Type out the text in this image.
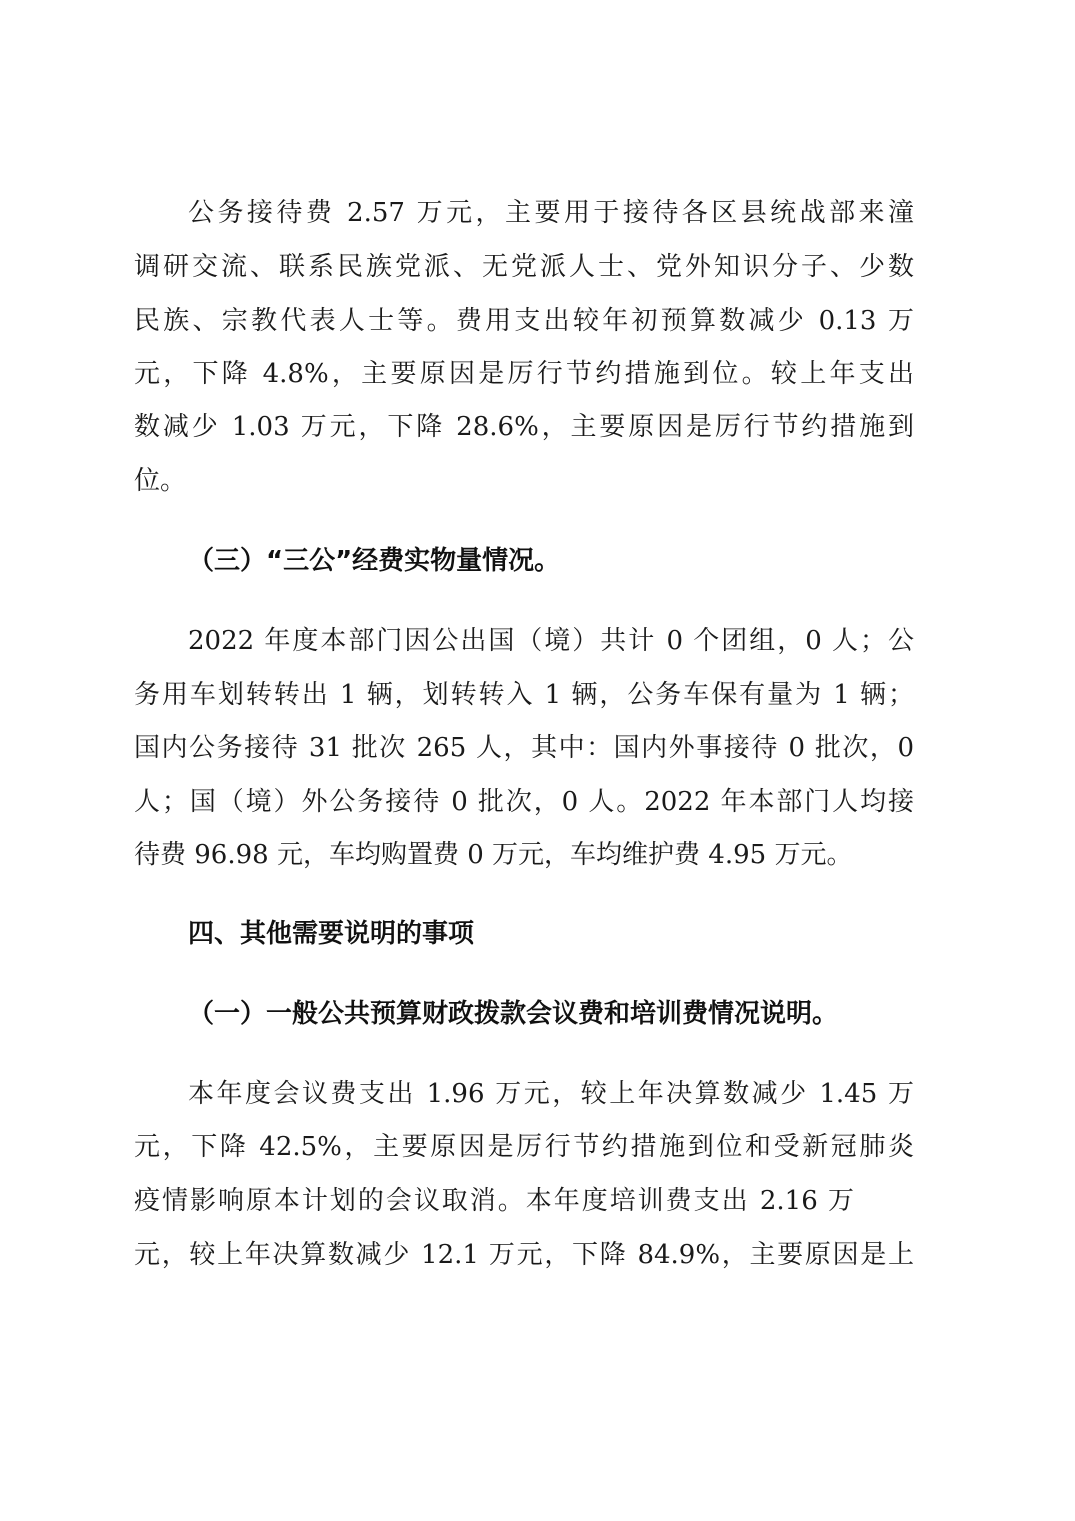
公务接待费 2.57 万元，主要用于接待各区县统战部来潼
调研交流、联系民族党派、无党派人士、党外知识分子、少数
民族、宗教代表人士等。费用支出较年初预算数减少 0.13 万
元，下降 4.8%，主要原因是厉行节约措施到位。较上年支出
数减少 1.03 万元，下降 28.6%，主要原因是厉行节约措施到
位。
（三）“三公”经费实物量情况。
2022 年度本部门因公出国（境）共计 0 个团组，0 人；公
务用车划转转出 1 辆，划转转入 1 辆，公务车保有量为 1 辆；
国内公务接待 31 批次 265 人，其中：国内外事接待 0 批次，0
人；国（境）外公务接待 0 批次，0 人。2022 年本部门人均接
待费 96.98 元，车均购置费 0 万元，车均维护费 4.95 万元。
四、其他需要说明的事项
（一）一般公共预算财政拨款会议费和培训费情况说明。
本年度会议费支出 1.96 万元，较上年决算数减少 1.45 万
元，下降 42.5%，主要原因是厉行节约措施到位和受新冠肺炎
疫情影响原本计划的会议取消。本年度培训费支出 2.16 万
元，较上年决算数减少 12.1 万元，下降 84.9%，主要原因是上
